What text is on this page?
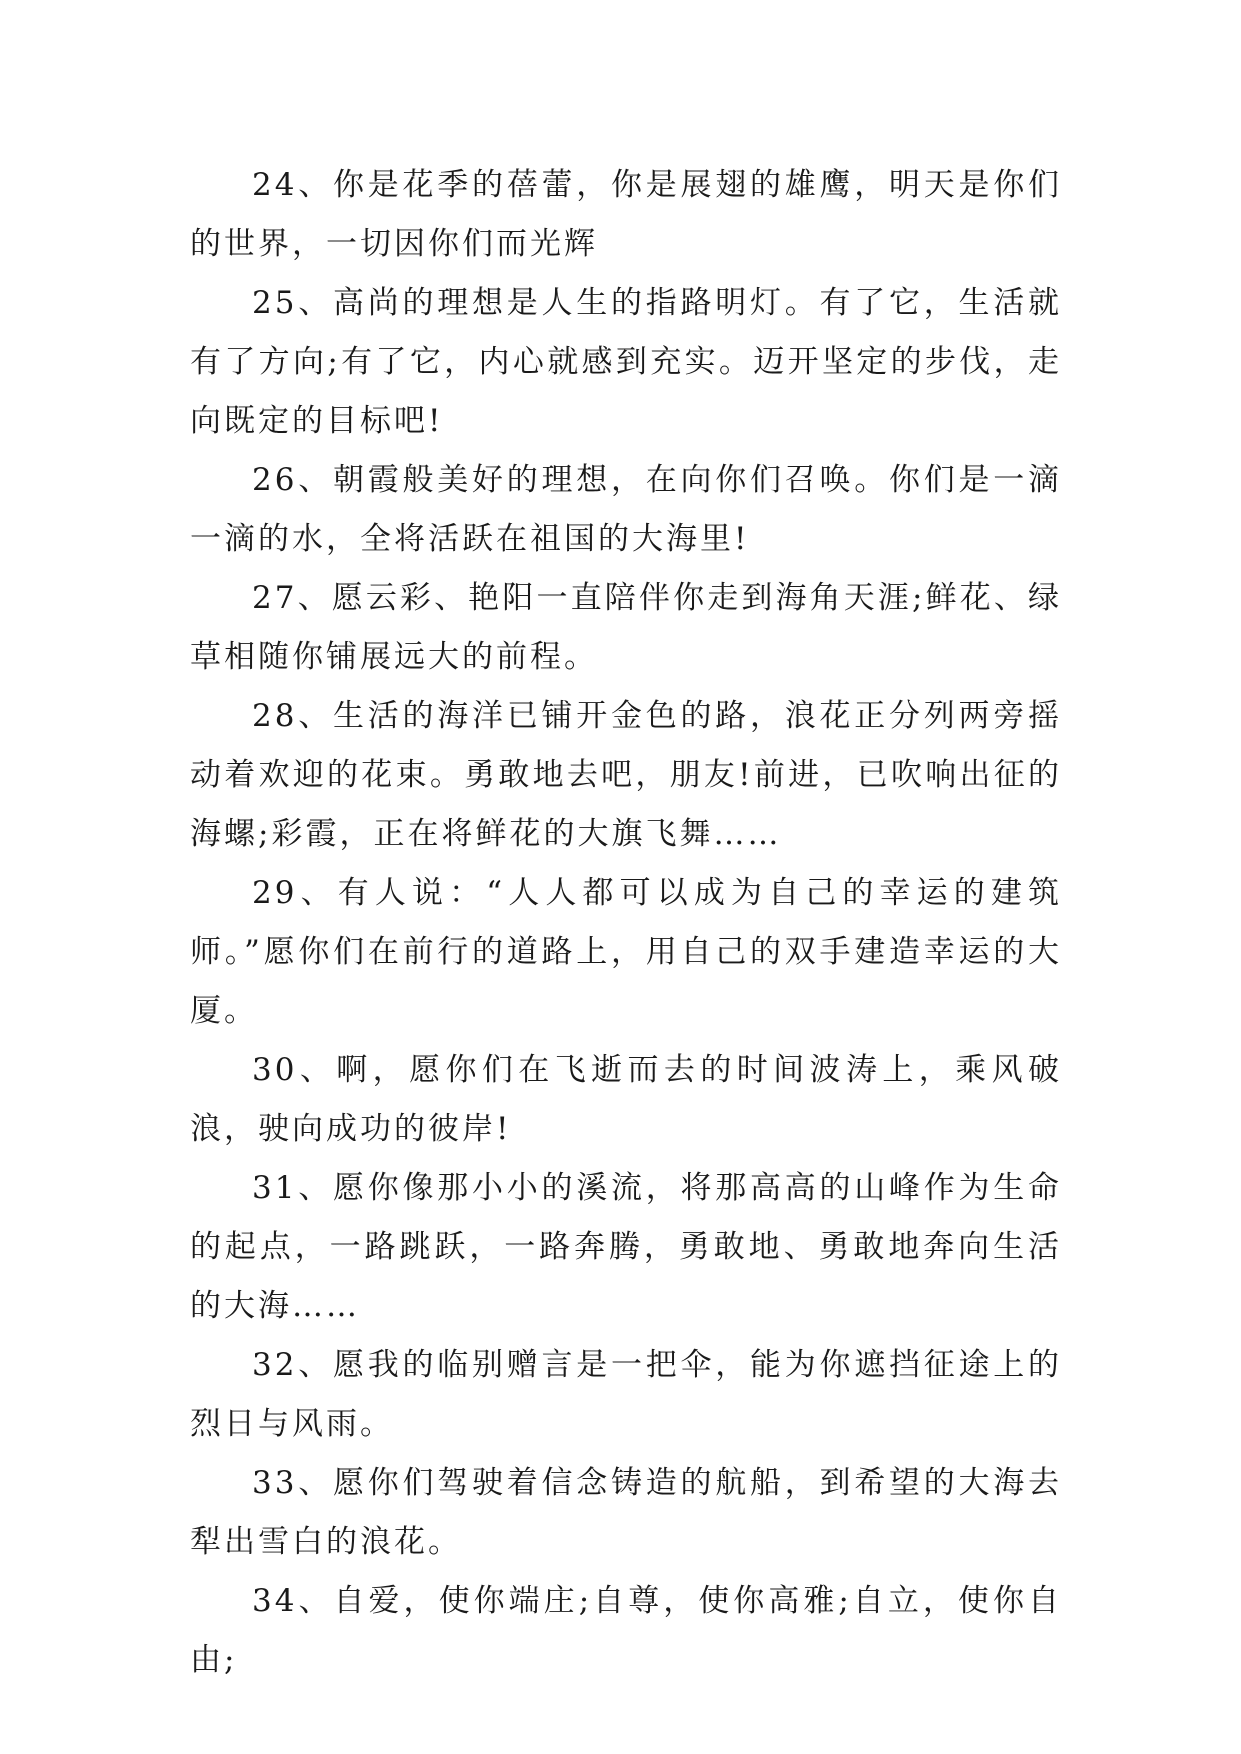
24、你是花季的蓓蕾，你是展翅的雄鹰，明天是你们的世界，一切因你们而光辉

25、高尚的理想是人生的指路明灯。有了它，生活就有了方向;有了它，内心就感到充实。迈开坚定的步伐，走向既定的目标吧!

26、朝霞般美好的理想，在向你们召唤。你们是一滴一滴的水，全将活跃在祖国的大海里!

27、愿云彩、艳阳一直陪伴你走到海角天涯;鲜花、绿草相随你铺展远大的前程。

28、生活的海洋已铺开金色的路，浪花正分列两旁摇动着欢迎的花束。勇敢地去吧，朋友!前进，已吹响出征的海螺;彩霞，正在将鲜花的大旗飞舞……

29、有人说：“人人都可以成为自己的幸运的建筑师。”愿你们在前行的道路上，用自己的双手建造幸运的大厦。

30、啊，愿你们在飞逝而去的时间波涛上，乘风破浪，驶向成功的彼岸!

31、愿你像那小小的溪流，将那高高的山峰作为生命的起点，一路跳跃，一路奔腾，勇敢地、勇敢地奔向生活的大海……

32、愿我的临别赠言是一把伞，能为你遮挡征途上的烈日与风雨。

33、愿你们驾驶着信念铸造的航船，到希望的大海去犁出雪白的浪花。

34、自爱，使你端庄;自尊，使你高雅;自立，使你自由;
